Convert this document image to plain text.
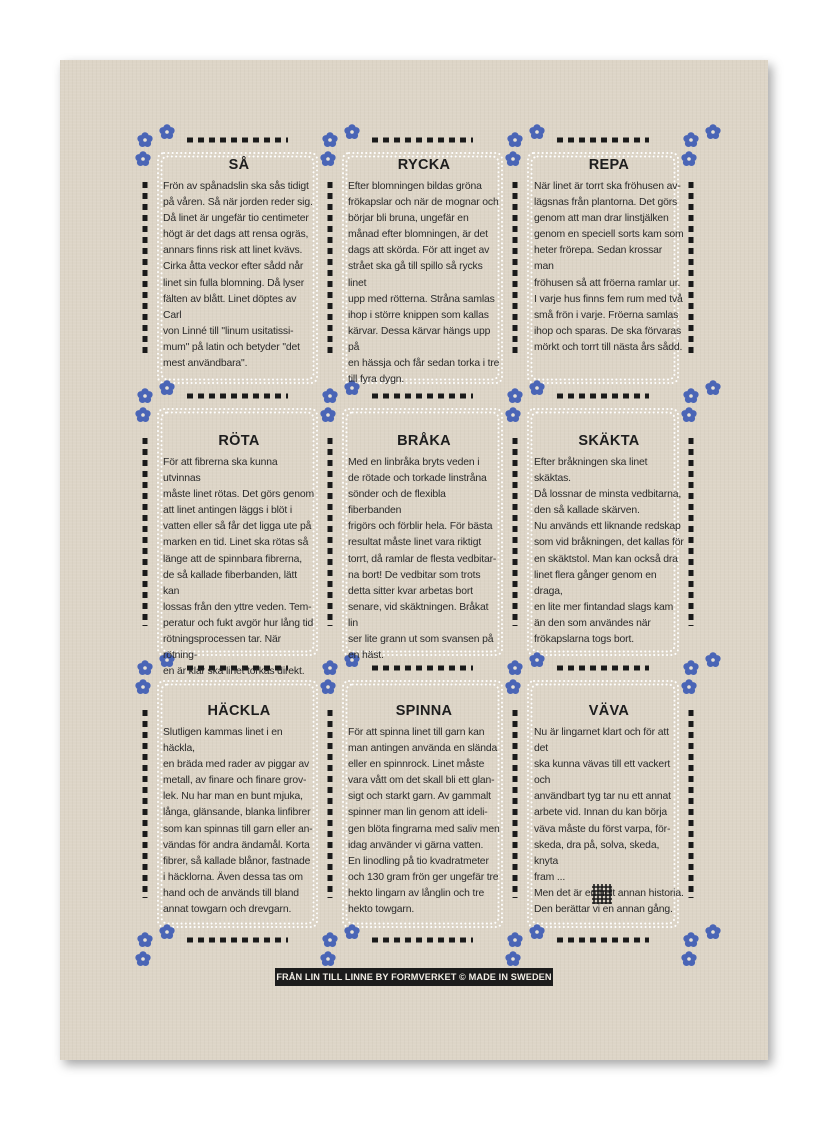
SÅ
Frön av spånadslin ska sås tidigt
på våren. Så när jorden reder sig.
Då linet är ungefär tio centimeter
högt är det dags att rensa ogräs,
annars finns risk att linet kvävs.
Cirka åtta veckor efter sådd når
linet sin fulla blomning. Då lyser
fälten av blått. Linet döptes av Carl
von Linné till "linum usitatissi-
mum" på latin och betyder "det
mest användbara".
RYCKA
Efter blomningen bildas gröna
frökapslar och när de mognar och
börjar bli bruna, ungefär en
månad efter blomningen, är det
dags att skörda. För att inget av
strået ska gå till spillo så rycks linet
upp med rötterna. Stråna samlas
ihop i större knippen som kallas
kärvar. Dessa kärvar hängs upp på
en hässja och får sedan torka i tre
till fyra dygn.
REPA
När linet är torrt ska fröhusen av-
lägsnas från plantorna. Det görs
genom att man drar linstjälken
genom en speciell sorts kam som
heter frörepa. Sedan krossar man
fröhusen så att fröerna ramlar ur.
I varje hus finns fem rum med två
små frön i varje. Fröerna samlas
ihop och sparas. De ska förvaras
mörkt och torrt till nästa års sådd.
RÖTA
För att fibrerna ska kunna utvinnas
måste linet rötas. Det görs genom
att linet antingen läggs i blöt i
vatten eller så får det ligga ute på
marken en tid. Linet ska rötas så
länge att de spinnbara fibrerna,
de så kallade fiberbanden, lätt kan
lossas från den yttre veden. Tem-
peratur och fukt avgör hur lång tid
rötningsprocessen tar. När rötning-
en är klar ska linet torkas direkt.
BRÅKA
Med en linbråka bryts veden i
de rötade och torkade linstråna
sönder och de flexibla fiberbanden
frigörs och förblir hela. För bästa
resultat måste linet vara riktigt
torrt, då ramlar de flesta vedbitar-
na bort! De vedbitar som trots
detta sitter kvar arbetas bort
senare, vid skäktningen. Bråkat lin
ser lite grann ut som svansen på
en häst.
SKÄKTA
Efter bråkningen ska linet skäktas.
Då lossnar de minsta vedbitarna,
den så kallade skärven.
Nu används ett liknande redskap
som vid bråkningen, det kallas för
en skäktstol. Man kan också dra
linet flera gånger genom en draga,
en lite mer fintandad slags kam
än den som användes när
frökapslarna togs bort.
HÄCKLA
Slutligen kammas linet i en häckla,
en bräda med rader av piggar av
metall, av finare och finare grov-
lek. Nu har man en bunt mjuka,
långa, glänsande, blanka linfibrer
som kan spinnas till garn eller an-
vändas för andra ändamål. Korta
fibrer, så kallade blånor, fastnade
i häcklorna. Även dessa tas om
hand och de används till bland
annat towgarn och drevgarn.
SPINNA
För att spinna linet till garn kan
man antingen använda en slända
eller en spinnrock. Linet måste
vara vått om det skall bli ett glan-
sigt och starkt garn. Av gammalt
spinner man lin genom att ideli-
gen blöta fingrarna med saliv men
idag använder vi gärna vatten.
En linodling på tio kvadratmeter
och 130 gram frön ger ungefär tre
hekto lingarn av långlin och tre
hekto towgarn.
VÄVA
Nu är lingarnet klart och för att det
ska kunna vävas till ett vackert och
användbart tyg tar nu ett annat
arbete vid. Innan du kan börja
väva måste du först varpa, för-
skeda, dra på, solva, skeda, knyta
fram ...
Men det är en helt annan historia.
Den berättar vi en annan gång.
FRÅN LIN TILL LINNE BY FORMVERKET © MADE IN SWEDEN
